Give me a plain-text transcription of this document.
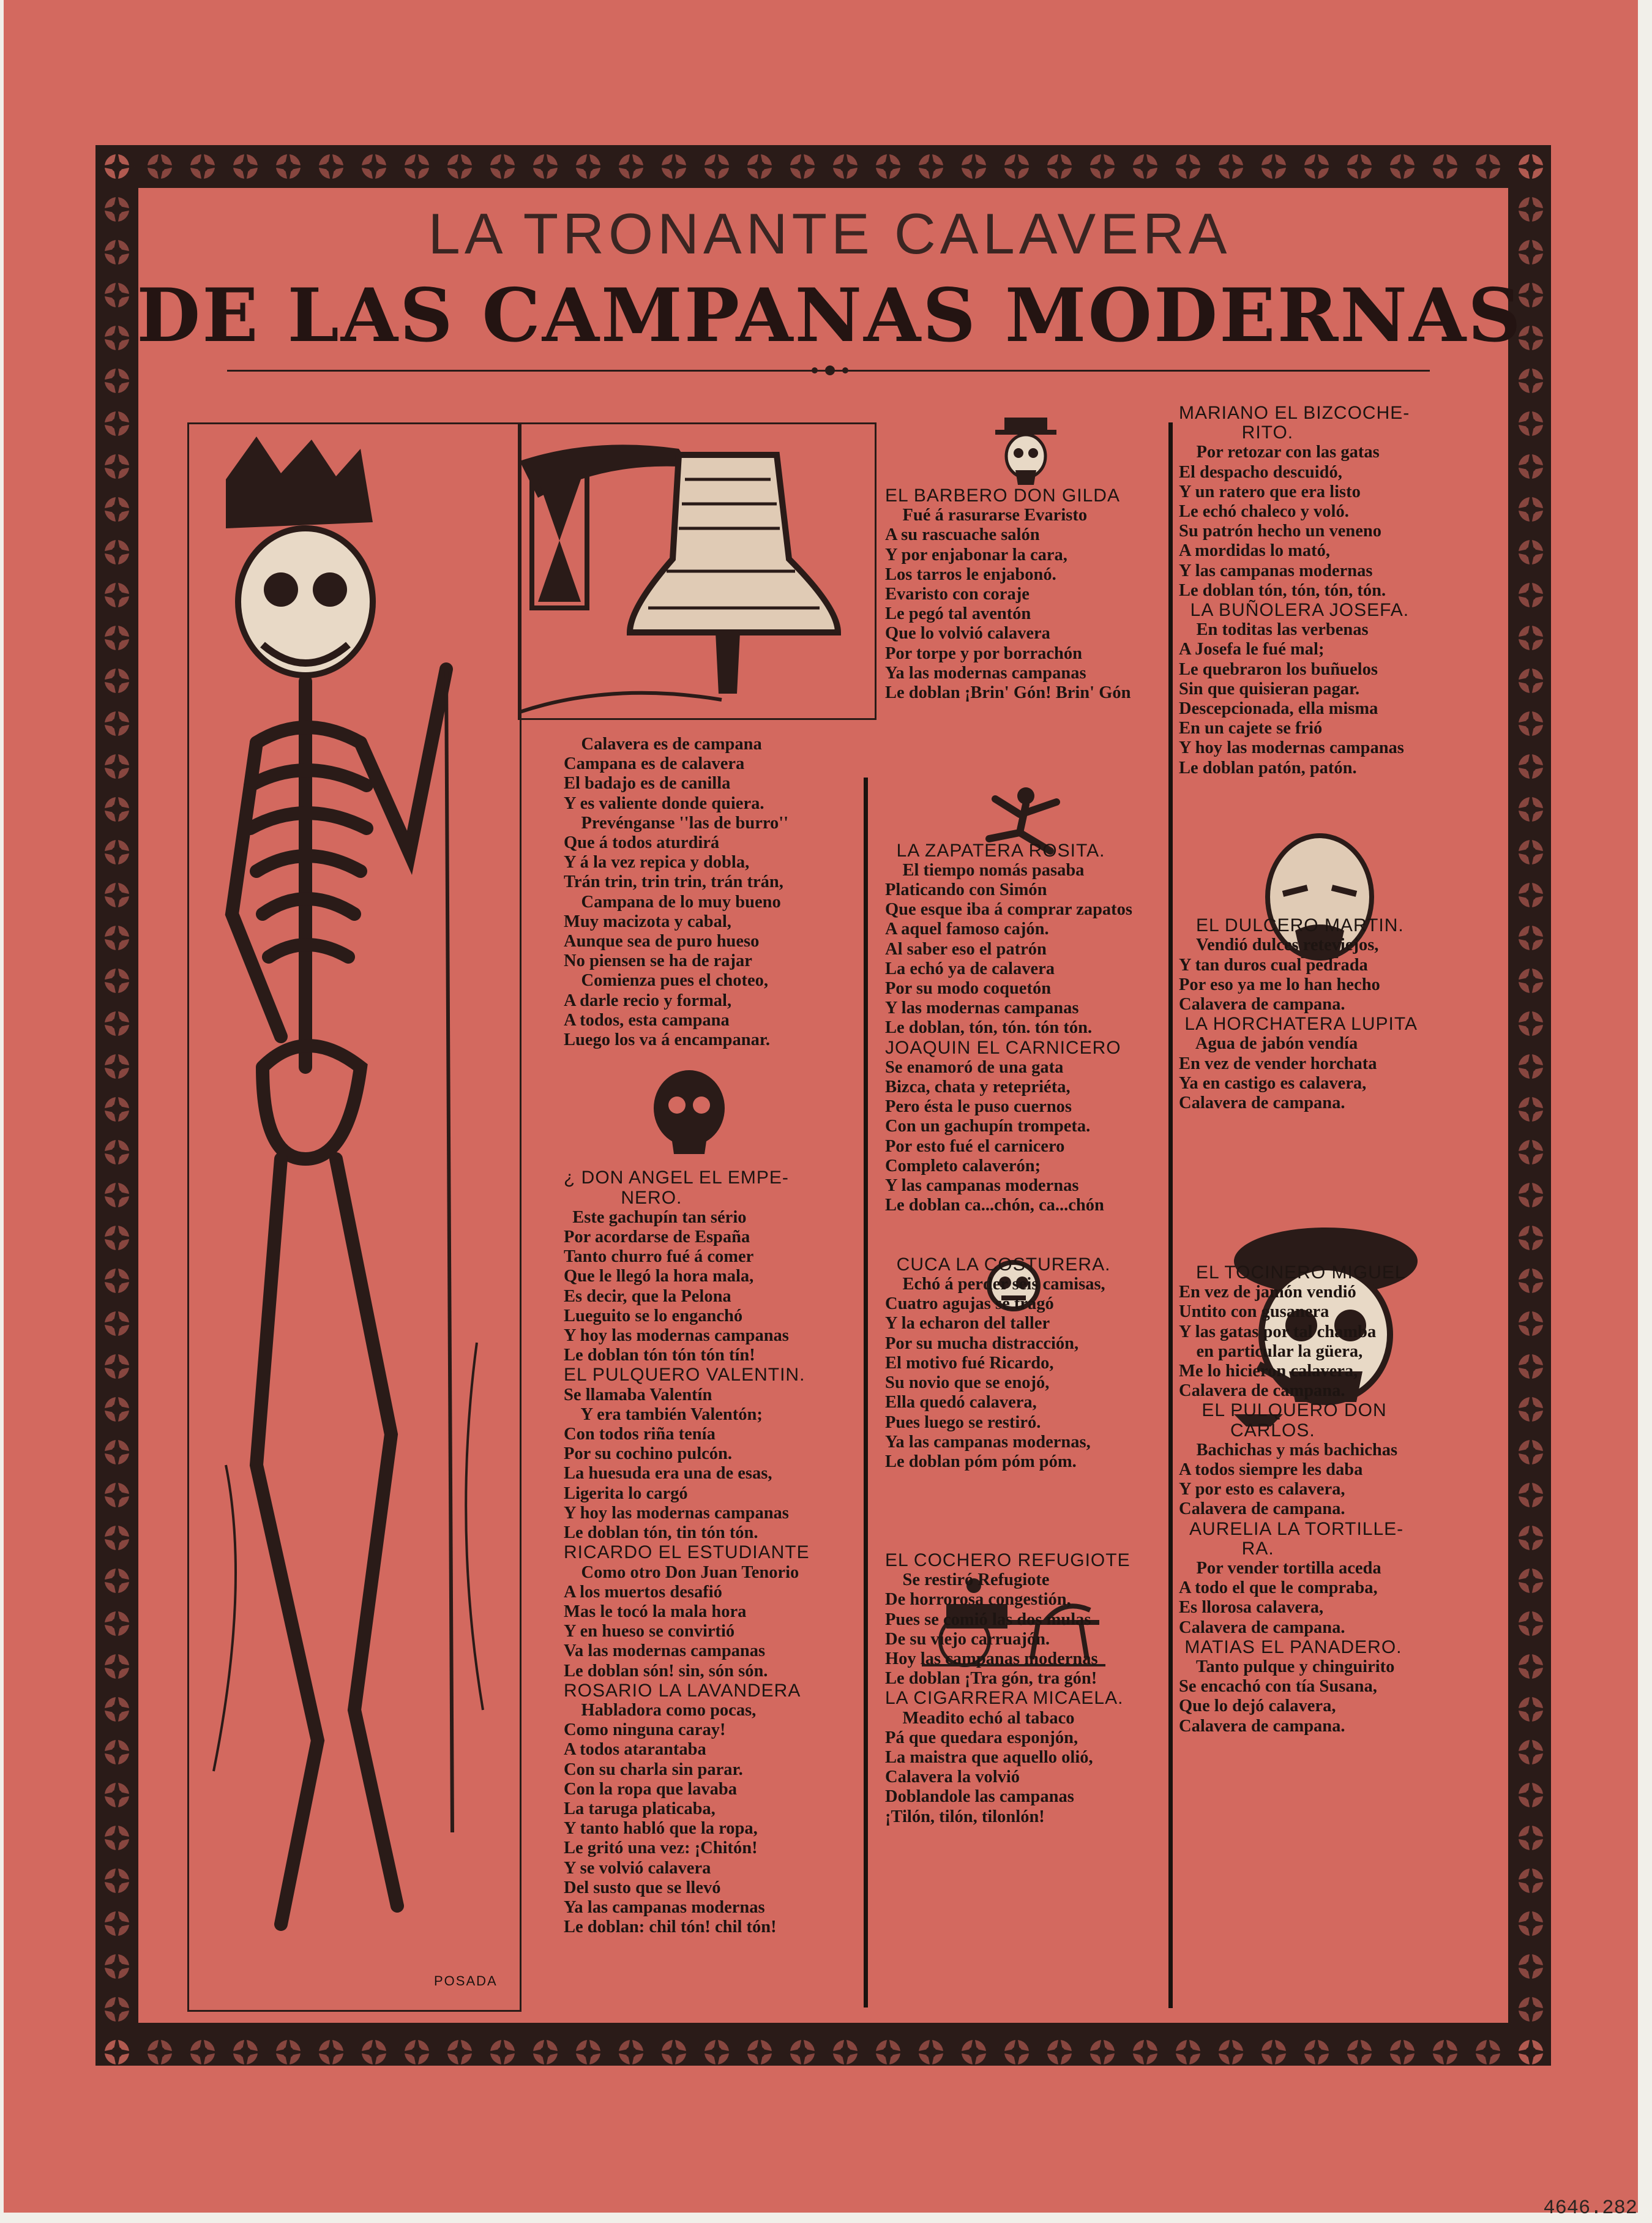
LA TRONANTE CALAVERA
DE LAS CAMPANAS MODERNAS
POSADA
Calavera es de campana
Campana es de calavera
El badajo es de canilla
Y es valiente donde quiera.
Prevénganse ''las de burro''
Que á todos aturdirá
Y á la vez repica y dobla,
Trán trin, trin trin, trán trán,
Campana de lo muy bueno
Muy macizota y cabal,
Aunque sea de puro hueso
No piensen se ha de rajar
Comienza pues el choteo,
A darle recio y formal,
A todos, esta campana
Luego los va á encampanar.
¿ DON ANGEL EL EMPE-
NERO.
Este gachupín tan sério
Por acordarse de España
Tanto churro fué á comer
Que le llegó la hora mala,
Es decir, que la Pelona
Lueguito se lo enganchó
Y hoy las modernas campanas
Le doblan tón tón tón tín!
EL PULQUERO VALENTIN.
Se llamaba Valentín
Y era también Valentón;
Con todos riña tenía
Por su cochino pulcón.
La huesuda era una de esas,
Ligerita lo cargó
Y hoy las modernas campanas
Le doblan tón, tin tón tón.
RICARDO EL ESTUDIANTE
Como otro Don Juan Tenorio
A los muertos desafió
Mas le tocó la mala hora
Y en hueso se convirtió
Va las modernas campanas
Le doblan són! sin, són són.
ROSARIO LA LAVANDERA
Habladora como pocas,
Como ninguna caray!
A todos atarantaba
Con su charla sin parar.
Con la ropa que lavaba
La taruga platicaba,
Y tanto habló que la ropa,
Le gritó una vez: ¡Chitón!
Y se volvió calavera
Del susto que se llevó
Ya las campanas modernas
Le doblan: chil tón! chil tón!
EL BARBERO DON GILDA
Fué á rasurarse Evaristo
A su rascuache salón
Y por enjabonar la cara,
Los tarros le enjabonó.
Evaristo con coraje
Le pegó tal aventón
Que lo volvió calavera
Por torpe y por borrachón
Ya las modernas campanas
Le doblan ¡Brin' Gón! Brin' Gón
LA ZAPATERA ROSITA.
El tiempo nomás pasaba
Platicando con Simón
Que esque iba á comprar zapatos
A aquel famoso cajón.
Al saber eso el patrón
La echó ya de calavera
Por su modo coquetón
Y las modernas campanas
Le doblan, tón, tón. tón tón.
JOAQUIN EL CARNICERO
Se enamoró de una gata
Bizca, chata y retepriéta,
Pero ésta le puso cuernos
Con un gachupín trompeta.
Por esto fué el carnicero
Completo calaverón;
Y las campanas modernas
Le doblan ca...chón, ca...chón
CUCA LA COSTURERA.
Echó á perder seis camisas,
Cuatro agujas se tragó
Y la echaron del taller
Por su mucha distracción,
El motivo fué Ricardo,
Su novio que se enojó,
Ella quedó calavera,
Pues luego se restiró.
Ya las campanas modernas,
Le doblan póm póm póm.
EL COCHERO REFUGIOTE
Se restiró Refugiote
De horrorosa congestión,
Pues se comió las dos mulas
De su viejo carruajón.
Hoy las campanas modernas
Le doblan ¡Tra gón, tra gón!
LA CIGARRERA MICAELA.
Meadito echó al tabaco
Pá que quedara esponjón,
La maistra que aquello olió,
Calavera la volvió
Doblandole las campanas
¡Tilón, tilón, tilonlón!
MARIANO EL BIZCOCHE-
RITO.
Por retozar con las gatas
El despacho descuidó,
Y un ratero que era listo
Le echó chaleco y voló.
Su patrón hecho un veneno
A mordidas lo mató,
Y las campanas modernas
Le doblan tón, tón, tón, tón.
LA BUÑOLERA JOSEFA.
En toditas las verbenas
A Josefa le fué mal;
Le quebraron los buñuelos
Sin que quisieran pagar.
Descepcionada, ella misma
En un cajete se frió
Y hoy las modernas campanas
Le doblan patón, patón.
EL DULCERO MARTIN.
Vendió dulces reteviejos,
Y tan duros cual pedrada
Por eso ya me lo han hecho
Calavera de campana.
LA HORCHATERA LUPITA
Agua de jabón vendía
En vez de vender horchata
Ya en castigo es calavera,
Calavera de campana.
EL TOCINERO MIGUEL
En vez de jamón vendió
Untito con gusanera
Y las gatas por tal chamba
en particular la güera,
Me lo hicieron calavera,
Calavera de campana.
EL PULQUERO DON
CARLOS.
Bachichas y más bachichas
A todos siempre les daba
Y por esto es calavera,
Calavera de campana.
AURELIA LA TORTILLE-
RA.
Por vender tortilla aceda
A todo el que le compraba,
Es llorosa calavera,
Calavera de campana.
MATIAS EL PANADERO.
Tanto pulque y chinguirito
Se encachó con tía Susana,
Que lo dejó calavera,
Calavera de campana.
4646.282
